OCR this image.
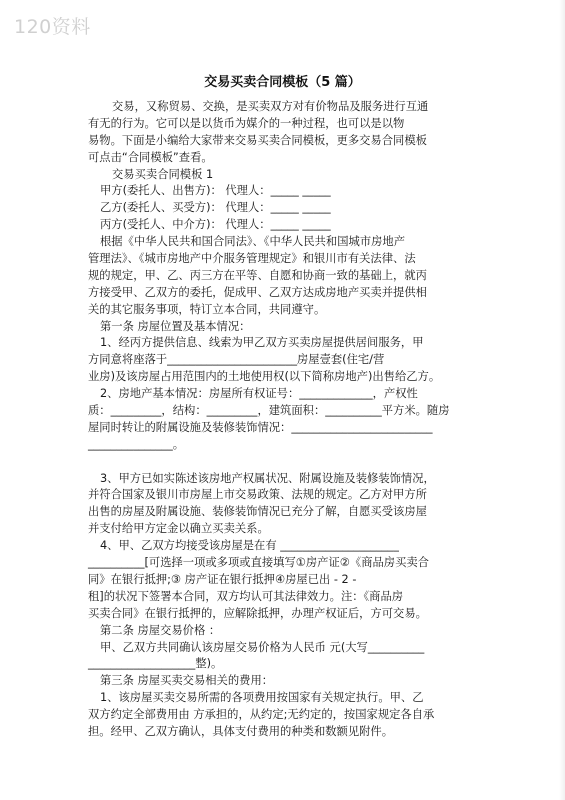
120资料
交易买卖合同模板（5 篇）
交易，又称贸易、交换，是买卖双方对有价物品及服务进行互通
有无的行为。它可以是以货币为媒介的一种过程，也可以是以物
易物。下面是小编给大家带来交易买卖合同模板，更多交易合同模板
可点击“合同模板”查看。
交易买卖合同模板 1
甲方(委托人、出售方)： 代理人：_____ _____
乙方(委托人、买受方)： 代理人：_____ _____
丙方(受托人、中介方)： 代理人：_____ _____
根据《中华人民共和国合同法》、《中华人民共和国城市房地产
管理法》、《城市房地产中介服务管理规定》和银川市有关法律、法
规的规定，甲、乙、丙三方在平等、自愿和协商一致的基础上，就丙
方接受甲、乙双方的委托，促成甲、乙双方达成房地产买卖并提供相
关的其它服务事项，特订立本合同，共同遵守。
第一条 房屋位置及基本情况：
1、经丙方提供信息、线索为甲乙双方买卖房屋提供居间服务，甲
方同意将座落于_______________________房屋壹套(住宅/营
业房)及该房屋占用范围内的土地使用权(以下简称房地产)出售给乙方。
2、房地产基本情况：房屋所有权证号：_____________，产权性
质：_________，结构：_________，建筑面积：__________平方米。随房
屋同时转让的附属设施及装修装饰情况：_________________________
_______________。
3、甲方已如实陈述该房地产权属状况、附属设施及装修装饰情况，
并符合国家及银川市房屋上市交易政策、法规的规定。乙方对甲方所
出售的房屋及附属设施、装修装饰情况已充分了解，自愿买受该房屋
并支付给甲方定金以确立买卖关系。
4、甲、乙双方均接受该房屋是在有 _____________________
__________[可选择一项或多项或直接填写①房产证②《商品房买卖合
同》在银行抵押;③ 房产证在银行抵押④房屋已出 - 2 -
租]的状况下签署本合同，双方均认可其法律效力。注：《商品房
买卖合同》在银行抵押的，应解除抵押，办理产权证后，方可交易。
第二条 房屋交易价格 ：
甲、乙双方共同确认该房屋交易价格为人民币 元(大写__________
___________________整)。
第三条 房屋买卖交易相关的费用：
1、该房屋买卖交易所需的各项费用按国家有关规定执行。甲、乙
双方约定全部费用由 方承担的，从约定;无约定的，按国家规定各自承
担。经甲、乙双方确认，具体支付费用的种类和数额见附件。
